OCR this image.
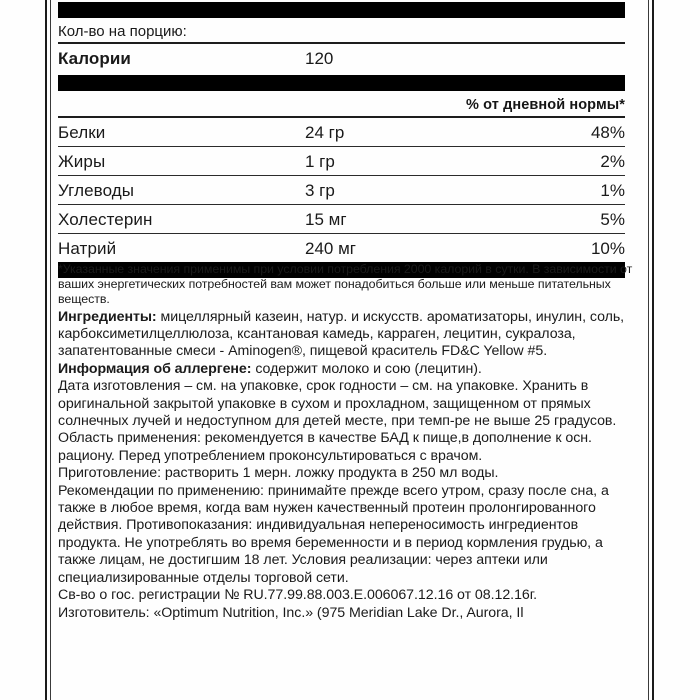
Кол-во на порцию:
Калории	120
% от дневной нормы*
Белки	24 гр	48%
Жиры	1 гр	2%
Углеводы	3 гр	1%
Холестерин	15 мг	5%
Натрий	240 мг	10%
*Указанные значения применимы при условии потребления 2000 калорий в сутки. В зависимости от ваших энергетических потребностей вам может понадобиться больше или меньше питательных веществ.
Ингредиенты: мицеллярный казеин, натур. и искусств. ароматизаторы, инулин, соль, карбоксиметилцеллюлоза, ксантановая камедь, карраген, лецитин, сукралоза, запатентованные смеси - Aminogen®, пищевой краситель FD&C Yellow #5.
Информация об аллергене: содержит молоко и сою (лецитин).
Дата изготовления – см. на упаковке, срок годности – см. на упаковке. Хранить в оригинальной закрытой упаковке в сухом и прохладном, защищенном от прямых солнечных лучей и недоступном для детей месте, при темп-ре не выше 25 градусов.
Область применения: рекомендуется в качестве БАД к пище,в дополнение к осн. рациону. Перед употреблением проконсультироваться с врачом.
Приготовление: растворить 1 мерн. ложку продукта в 250 мл воды.
Рекомендации по применению: принимайте прежде всего утром, сразу после сна, а также в любое время, когда вам нужен качественный протеин пролонгированного действия. Противопоказания: индивидуальная непереносимость ингредиентов продукта. Не употреблять во время беременности и в период кормления грудью, а также лицам, не достигшим 18 лет. Условия реализации: через аптеки или специализированные отделы торговой сети.
Св-во о гос. регистрации № RU.77.99.88.003.Е.006067.12.16 от 08.12.16г.
Изготовитель: «Optimum Nutrition, Inc.» (975 Meridian Lake Dr., Aurora, Il
